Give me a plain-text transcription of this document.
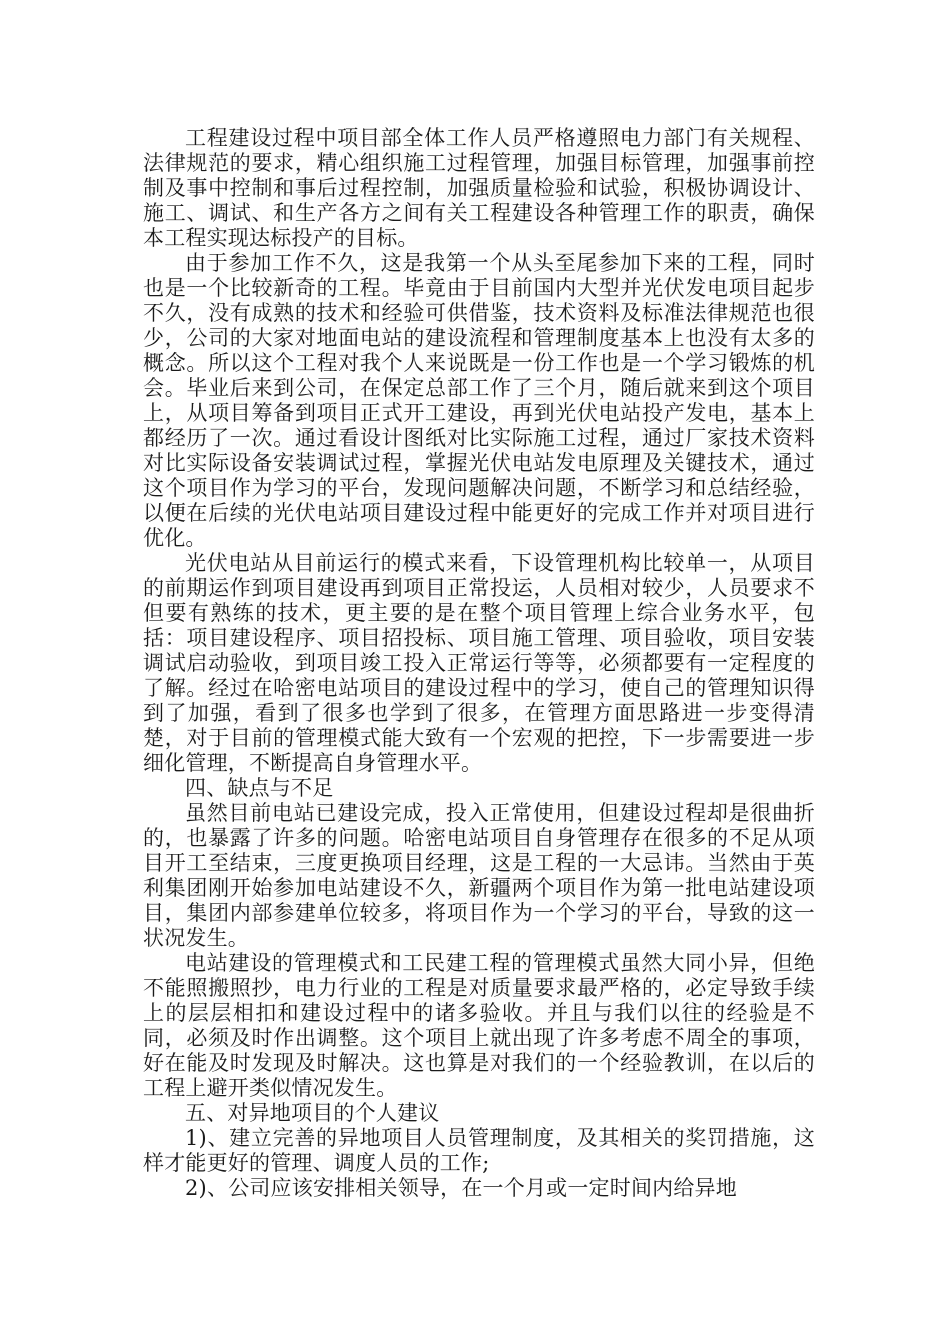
工程建设过程中项目部全体工作人员严格遵照电力部门有关规程、法律规范的要求，精心组织施工过程管理，加强目标管理，加强事前控制及事中控制和事后过程控制，加强质量检验和试验，积极协调设计、施工、调试、和生产各方之间有关工程建设各种管理工作的职责，确保本工程实现达标投产的目标。

由于参加工作不久，这是我第一个从头至尾参加下来的工程，同时也是一个比较新奇的工程。毕竟由于目前国内大型并光伏发电项目起步不久，没有成熟的技术和经验可供借鉴，技术资料及标准法律规范也很少，公司的大家对地面电站的建设流程和管理制度基本上也没有太多的概念。所以这个工程对我个人来说既是一份工作也是一个学习锻炼的机会。毕业后来到公司，在保定总部工作了三个月，随后就来到这个项目上，从项目筹备到项目正式开工建设，再到光伏电站投产发电，基本上都经历了一次。通过看设计图纸对比实际施工过程，通过厂家技术资料对比实际设备安装调试过程，掌握光伏电站发电原理及关键技术，通过这个项目作为学习的平台，发现问题解决问题，不断学习和总结经验，以便在后续的光伏电站项目建设过程中能更好的完成工作并对项目进行优化。

光伏电站从目前运行的模式来看，下设管理机构比较单一，从项目的前期运作到项目建设再到项目正常投运，人员相对较少，人员要求不但要有熟练的技术，更主要的是在整个项目管理上综合业务水平，包括：项目建设程序、项目招投标、项目施工管理、项目验收，项目安装调试启动验收，到项目竣工投入正常运行等等，必须都要有一定程度的了解。经过在哈密电站项目的建设过程中的学习，使自己的管理知识得到了加强，看到了很多也学到了很多，在管理方面思路进一步变得清楚，对于目前的管理模式能大致有一个宏观的把控，下一步需要进一步细化管理，不断提高自身管理水平。

四、缺点与不足

虽然目前电站已建设完成，投入正常使用，但建设过程却是很曲折的，也暴露了许多的问题。哈密电站项目自身管理存在很多的不足从项目开工至结束，三度更换项目经理，这是工程的一大忌讳。当然由于英利集团刚开始参加电站建设不久，新疆两个项目作为第一批电站建设项目，集团内部参建单位较多，将项目作为一个学习的平台，导致的这一状况发生。

电站建设的管理模式和工民建工程的管理模式虽然大同小异，但绝不能照搬照抄，电力行业的工程是对质量要求最严格的，必定导致手续上的层层相扣和建设过程中的诸多验收。并且与我们以往的经验是不同，必须及时作出调整。这个项目上就出现了许多考虑不周全的事项，好在能及时发现及时解决。这也算是对我们的一个经验教训，在以后的工程上避开类似情况发生。

五、对异地项目的个人建议

1)、建立完善的异地项目人员管理制度，及其相关的奖罚措施，这样才能更好的管理、调度人员的工作;

2)、公司应该安排相关领导，在一个月或一定时间内给异地
